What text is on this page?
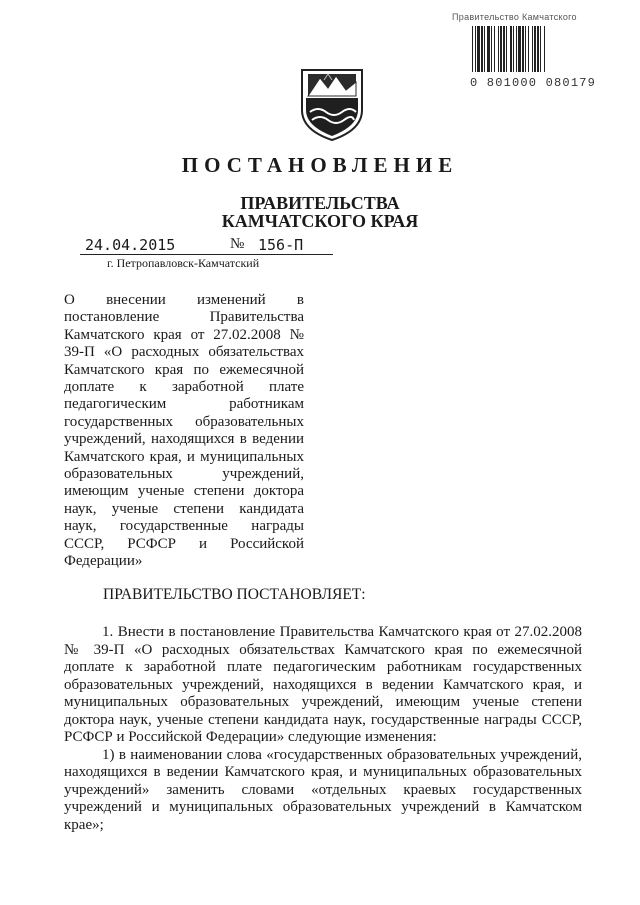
Правительство Камчатского
0 801000 080179
ПОСТАНОВЛЕНИЕ
ПРАВИТЕЛЬСТВА
КАМЧАТСКОГО КРАЯ
24.04.2015	№ 156-П
г. Петропавловск-Камчатский
О внесении изменений в постановление Правительства Камчатского края от 27.02.2008 № 39-П «О расходных обязательствах Камчатского края по ежемесячной доплате к заработной плате педагогическим работникам государственных образовательных учреждений, находящихся в ведении Камчатского края, и муниципальных образовательных учреждений, имеющим ученые степени доктора наук, ученые степени кандидата наук, государственные награды СССР, РСФСР и Российской Федерации»
ПРАВИТЕЛЬСТВО ПОСТАНОВЛЯЕТ:

1. Внести в постановление Правительства Камчатского края от 27.02.2008 № 39-П «О расходных обязательствах Камчатского края по ежемесячной доплате к заработной плате педагогическим работникам государственных образовательных учреждений, находящихся в ведении Камчатского края, и муниципальных образовательных учреждений, имеющим ученые степени доктора наук, ученые степени кандидата наук, государственные награды СССР, РСФСР и Российской Федерации» следующие изменения:

1) в наименовании слова «государственных образовательных учреждений, находящихся в ведении Камчатского края, и муниципальных образовательных учреждений» заменить словами «отдельных краевых государственных учреждений и муниципальных образовательных учреждений в Камчатском крае»;
